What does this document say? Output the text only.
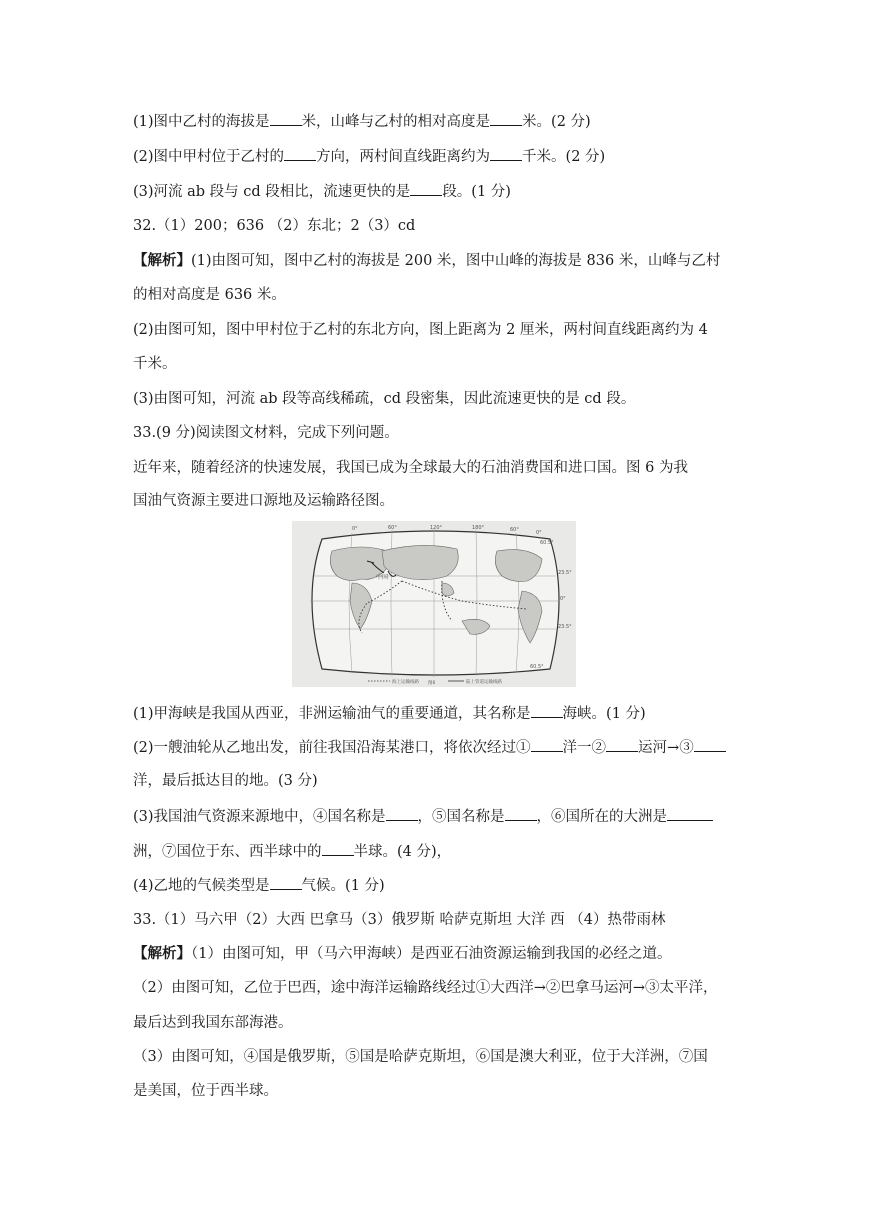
(1)图中乙村的海拔是 米，山峰与乙村的相对高度是 米。(2 分)
(2)图中甲村位于乙村的 方向，两村间直线距离约为 千米。(2 分)
(3)河流 ab 段与 cd 段相比，流速更快的是 段。(1 分)
32.（1）200；636 （2）东北；2（3）cd
【解析】(1)由图可知，图中乙村的海拔是 200 米，图中山峰的海拔是 836 米，山峰与乙村
的相对高度是 636 米。
(2)由图可知，图中甲村位于乙村的东北方向，图上距离为 2 厘米，两村间直线距离约为 4
千米。
(3)由图可知，河流 ab 段等高线稀疏，cd 段密集，因此流速更快的是 cd 段。
33.(9 分)阅读图文材料，完成下列问题。
近年来，随着经济的快速发展，我国已成为全球最大的石油消费国和进口国。图 6 为我
国油气资源主要进口源地及运输路径图。
中国
0°	60°	120°	180°	60°	0°
60.5°
23.5°
0°
23.5°
60.5°
海上运输线路 图6	陆上管道运输线路
(1)甲海峡是我国从西亚，非洲运输油气的重要通道，其名称是 海峡。(1 分)
(2)一艘油轮从乙地出发，前往我国沿海某港口，将依次经过① 洋一② 运河→③
洋，最后抵达目的地。(3 分)
(3)我国油气资源来源地中，④国名称是 ，⑤国名称是 ，⑥国所在的大洲是
洲，⑦国位于东、西半球中的 半球。(4 分)，
(4)乙地的气候类型是 气候。(1 分)
33.（1）马六甲（2）大西 巴拿马（3）俄罗斯 哈萨克斯坦 大洋 西 （4）热带雨林
【解析】（1）由图可知，甲（马六甲海峡）是西亚石油资源运输到我国的必经之道。
（2）由图可知，乙位于巴西，途中海洋运输路线经过①大西洋→②巴拿马运河→③太平洋，
最后达到我国东部海港。
（3）由图可知，④国是俄罗斯，⑤国是哈萨克斯坦，⑥国是澳大利亚，位于大洋洲，⑦国
是美国，位于西半球。
